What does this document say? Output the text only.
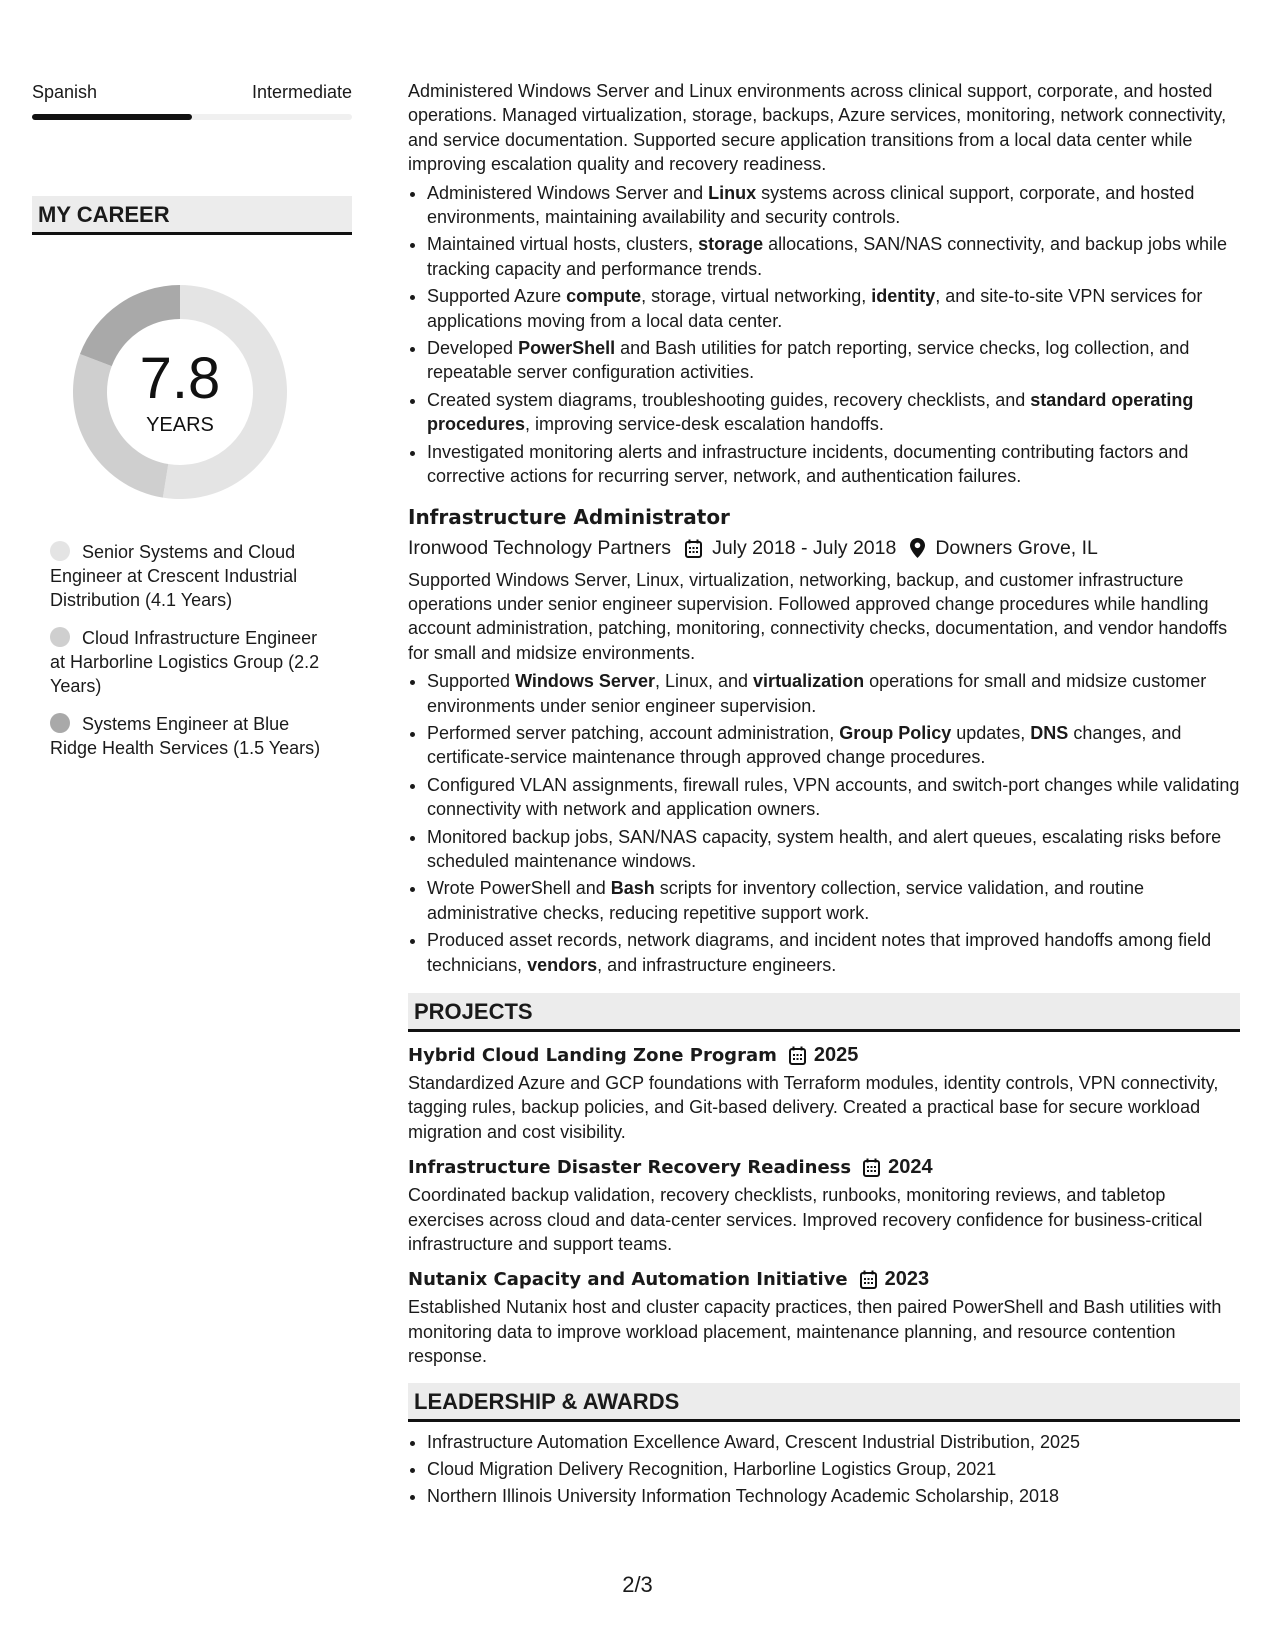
Spanish	Intermediate
MY CAREER
7.8
YEARS
Senior Systems and Cloud Engineer at Crescent Industrial Distribution (4.1 Years)
Cloud Infrastructure Engineer at Harborline Logistics Group (2.2 Years)
Systems Engineer at Blue Ridge Health Services (1.5 Years)

Administered Windows Server and Linux environments across clinical support, corporate, and hosted operations. Managed virtualization, storage, backups, Azure services, monitoring, network connectivity, and service documentation. Supported secure application transitions from a local data center while improving escalation quality and recovery readiness.

• Administered Windows Server and Linux systems across clinical support, corporate, and hosted environments, maintaining availability and security controls.
• Maintained virtual hosts, clusters, storage allocations, SAN/NAS connectivity, and backup jobs while tracking capacity and performance trends.
• Supported Azure compute, storage, virtual networking, identity, and site-to-site VPN services for applications moving from a local data center.
• Developed PowerShell and Bash utilities for patch reporting, service checks, log collection, and repeatable server configuration activities.
• Created system diagrams, troubleshooting guides, recovery checklists, and standard operating procedures, improving service-desk escalation handoffs.
• Investigated monitoring alerts and infrastructure incidents, documenting contributing factors and corrective actions for recurring server, network, and authentication failures.
Infrastructure Administrator
Ironwood Technology Partners July 2018 - July 2018 Downers Grove, IL

Supported Windows Server, Linux, virtualization, networking, backup, and customer infrastructure operations under senior engineer supervision. Followed approved change procedures while handling account administration, patching, monitoring, connectivity checks, documentation, and vendor handoffs for small and midsize environments.

• Supported Windows Server, Linux, and virtualization operations for small and midsize customer environments under senior engineer supervision.
• Performed server patching, account administration, Group Policy updates, DNS changes, and certificate-service maintenance through approved change procedures.
• Configured VLAN assignments, firewall rules, VPN accounts, and switch-port changes while validating connectivity with network and application owners.
• Monitored backup jobs, SAN/NAS capacity, system health, and alert queues, escalating risks before scheduled maintenance windows.
• Wrote PowerShell and Bash scripts for inventory collection, service validation, and routine administrative checks, reducing repetitive support work.
• Produced asset records, network diagrams, and incident notes that improved handoffs among field technicians, vendors, and infrastructure engineers.
PROJECTS
Hybrid Cloud Landing Zone Program 2025

Standardized Azure and GCP foundations with Terraform modules, identity controls, VPN connectivity, tagging rules, backup policies, and Git-based delivery. Created a practical base for secure workload migration and cost visibility.

Infrastructure Disaster Recovery Readiness 2024

Coordinated backup validation, recovery checklists, runbooks, monitoring reviews, and tabletop exercises across cloud and data-center services. Improved recovery confidence for business-critical infrastructure and support teams.

Nutanix Capacity and Automation Initiative 2023

Established Nutanix host and cluster capacity practices, then paired PowerShell and Bash utilities with monitoring data to improve workload placement, maintenance planning, and resource contention response.

LEADERSHIP & AWARDS
• Infrastructure Automation Excellence Award, Crescent Industrial Distribution, 2025
• Cloud Migration Delivery Recognition, Harborline Logistics Group, 2021
• Northern Illinois University Information Technology Academic Scholarship, 2018
2/3
